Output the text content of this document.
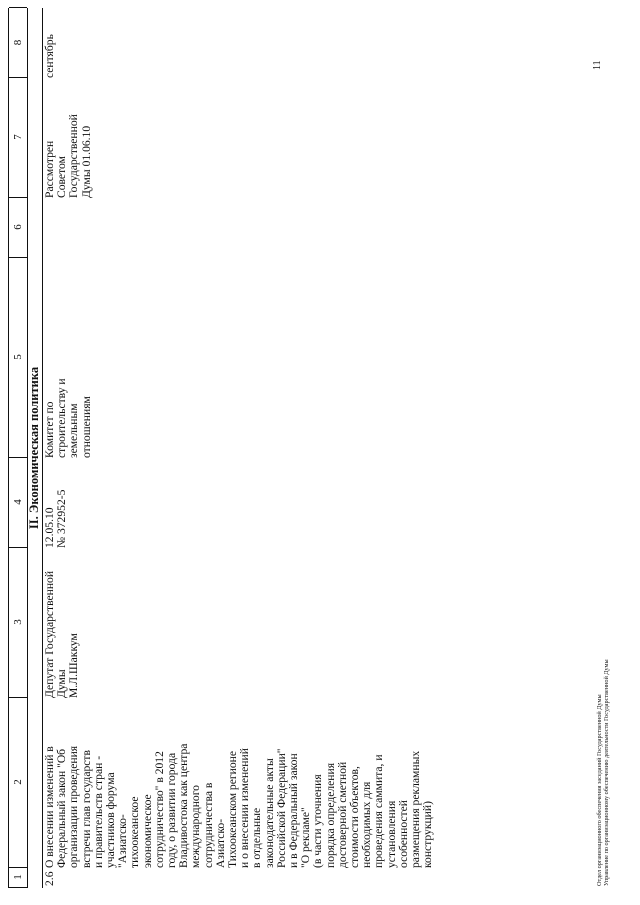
1
2
3
4
5
6
7
8
II. Экономическая политика
2.6
О внесении изменений в Федеральный закон "Об организации проведения встречи глав государств и правительств стран - участников форума "Азиатско- тихоокеанское экономическое сотрудничество" в 2012 году, о развитии города Владивостока как центра международного сотрудничества в Азиатско- Тихоокеанском регионе и о внесении изменений в отдельные законодательные акты Российской Федерации" и в Федеральный закон "О рекламе" (в части уточнения порядка определения достоверной сметной стоимости объектов, необходимых для проведения саммита, и установления особенностей размещения рекламных конструкций)
Депутат Государственной Думы М.Л.Шаккум
12.05.10 № 372952-5
Комитет по строительству и земельным отношениям
Рассмотрен Советом Государственной Думы 01.06.10
сентябрь
Отдел организационного обеспечения заседаний Государственной Думы Управление по организационному обеспечению деятельности Государственной Думы
11
